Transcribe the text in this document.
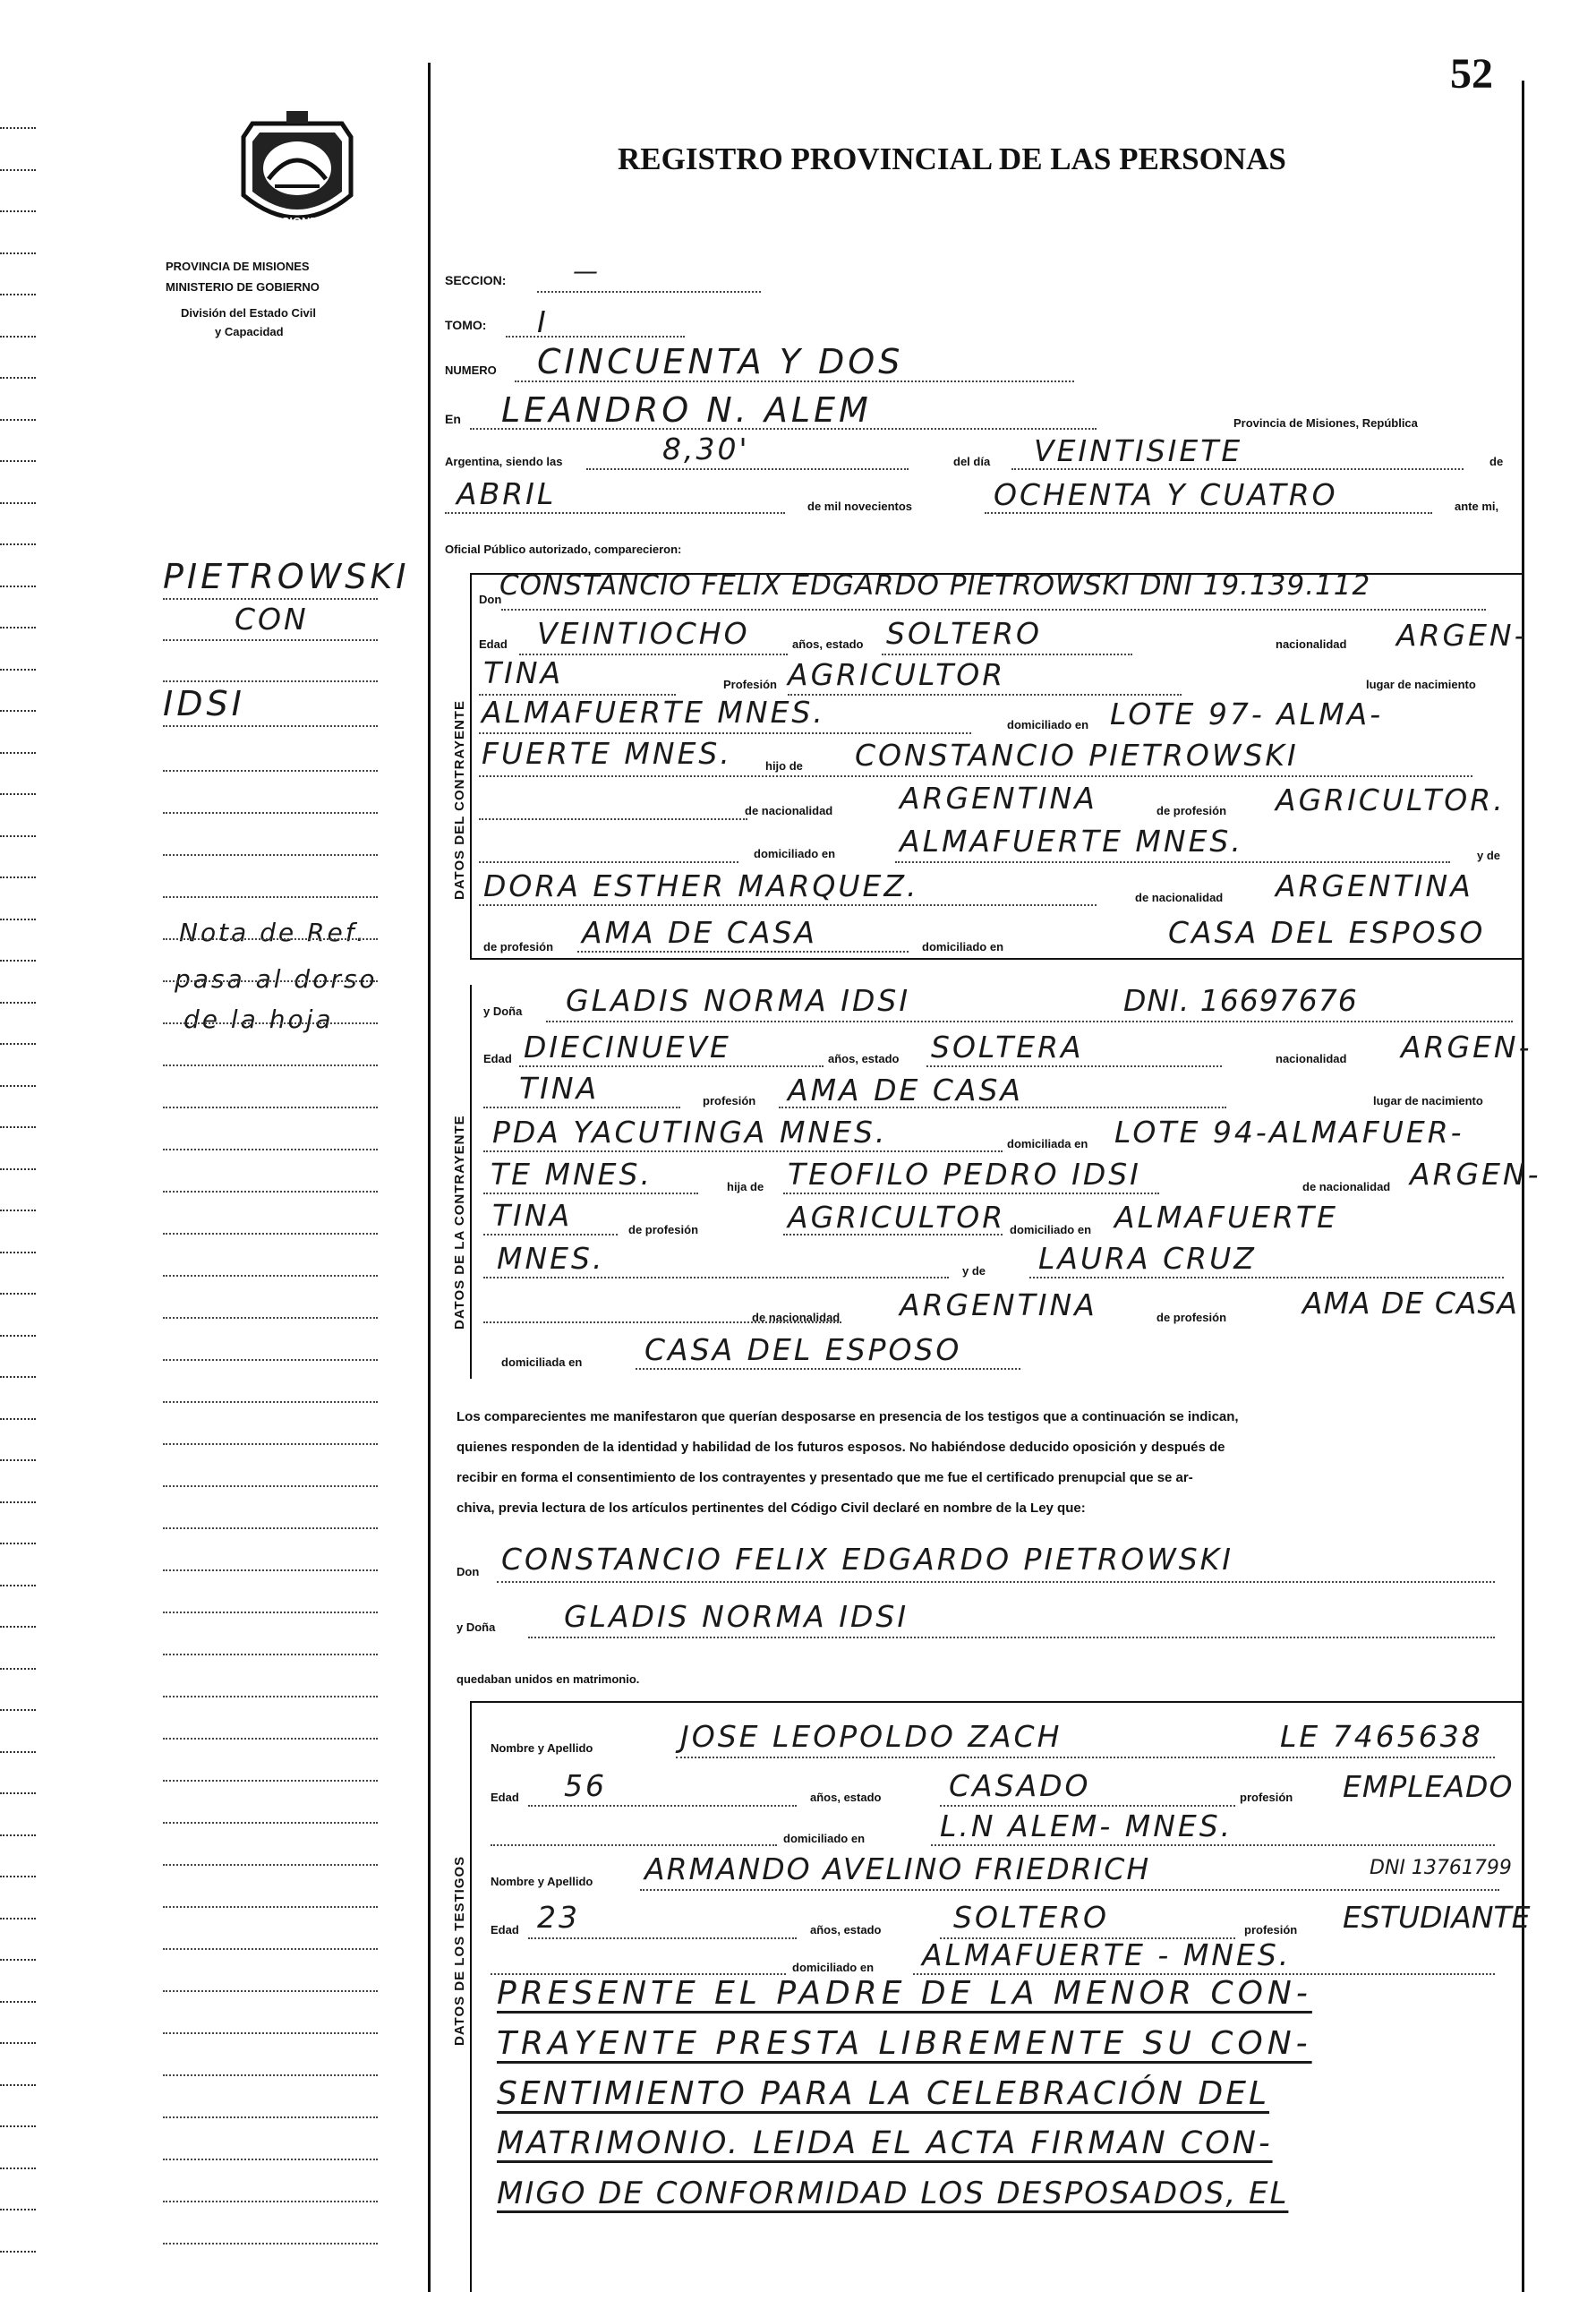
52
MISIONES
PROVINCIA DE MISIONES
MINISTERIO DE GOBIERNO
División del Estado Civil
y Capacidad
REGISTRO PROVINCIAL DE LAS PERSONAS
SECCION:	—
TOMO: I
NUMERO CINCUENTA Y DOS
En LEANDRO N. ALEM	Provincia de Misiones, República
Argentina, siendo las	8,30'	del día VEINTISIETE	de
ABRIL	de mil novecientos	OCHENTA Y CUATRO	ante mi,
Oficial Público autorizado, comparecieron:
PIETROWSKI
CON
IDSI
Nota de Ref.
pasa al dorso
de la hoja
DATOS DEL CONTRAYENTE
Don
CONSTANCIO FELIX EDGARDO PIETROWSKI DNI 19.139.112
Edad VEINTIOCHO	años, estado SOLTERO	nacionalidad ARGEN-
TINA	Profesión AGRICULTOR	lugar de nacimiento
ALMAFUERTE MNES.	domiciliado en LOTE 97- ALMA-
FUERTE MNES.	hijo de CONSTANCIO PIETROWSKI
de nacionalidad ARGENTINA	de profesión AGRICULTOR.
domiciliado en ALMAFUERTE MNES.	y de
DORA ESTHER MARQUEZ.	de nacionalidad ARGENTINA
de profesión AMA DE CASA	domiciliado en	CASA DEL ESPOSO
DATOS DE LA CONTRAYENTE
y Doña GLADIS NORMA IDSI	DNI. 16697676
Edad DIECINUEVE	años, estado SOLTERA	nacionalidad ARGEN-
TINA	profesión AMA DE CASA	lugar de nacimiento
PDA YACUTINGA MNES.	domiciliada en LOTE 94-ALMAFUER-
TE MNES.	hija de TEOFILO PEDRO IDSI	de nacionalidad ARGEN-
TINA	de profesión	AGRICULTOR domiciliado en ALMAFUERTE
MNES.	y de LAURA CRUZ
de nacionalidad ARGENTINA	de profesión	AMA DE CASA
domiciliada en CASA DEL ESPOSO
Los comparecientes me manifestaron que querían desposarse en presencia de los testigos que a continuación se indican,
quienes responden de la identidad y habilidad de los futuros esposos. No habiéndose deducido oposición y después de
recibir en forma el consentimiento de los contrayentes y presentado que me fue el certificado prenupcial que se ar-
chiva, previa lectura de los artículos pertinentes del Código Civil declaré en nombre de la Ley que:
Don CONSTANCIO FELIX EDGARDO PIETROWSKI
y Doña GLADIS NORMA IDSI
quedaban unidos en matrimonio.
DATOS DE LOS TESTIGOS
Nombre y Apellido	JOSE LEOPOLDO ZACH	LE 7465638
Edad 56	años, estado CASADO	profesión EMPLEADO
domiciliado en	L.N ALEM- MNES.
Nombre y Apellido ARMANDO AVELINO FRIEDRICH	DNI 13761799
Edad 23	años, estado SOLTERO	profesión ESTUDIANTE
domiciliado en ALMAFUERTE - MNES.
PRESENTE EL PADRE DE LA MENOR CON-
TRAYENTE PRESTA LIBREMENTE SU CON-
SENTIMIENTO PARA LA CELEBRACIÓN DEL
MATRIMONIO. LEIDA EL ACTA FIRMAN CON-
MIGO DE CONFORMIDAD LOS DESPOSADOS, EL
